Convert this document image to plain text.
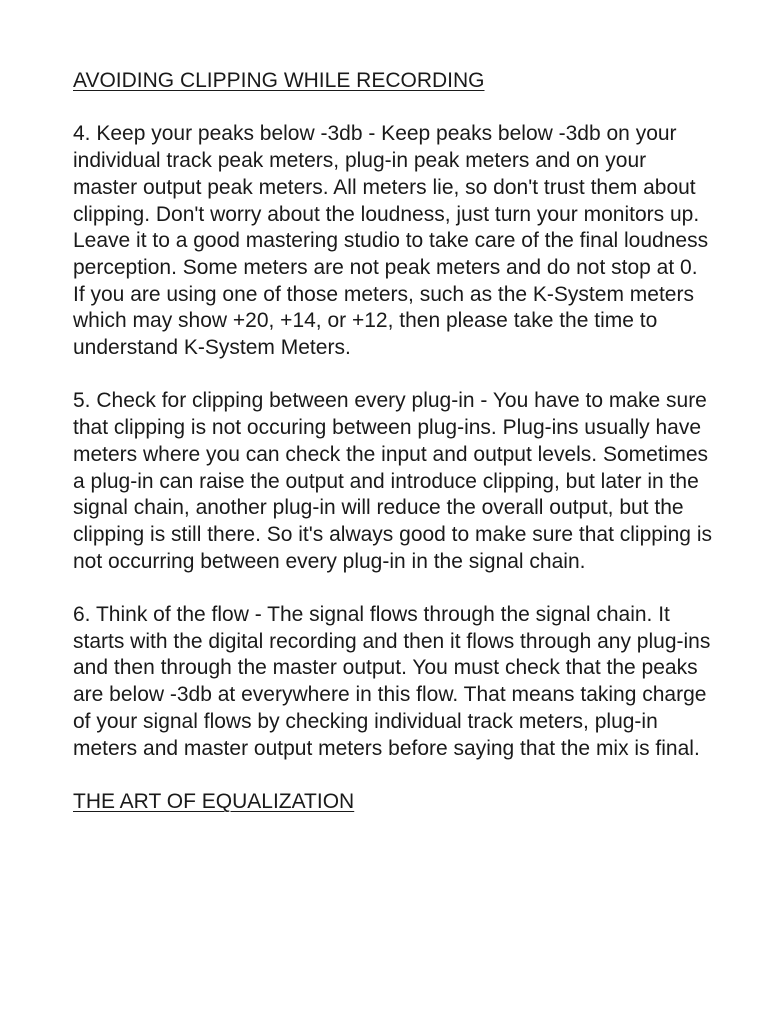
AVOIDING CLIPPING WHILE RECORDING

4. Keep your peaks below -3db - Keep peaks below -3db on your individual track peak meters, plug-in peak meters and on your master output peak meters. All meters lie, so don't trust them about clipping. Don't worry about the loudness, just turn your monitors up. Leave it to a good mastering studio to take care of the final loudness perception. Some meters are not peak meters and do not stop at 0. If you are using one of those meters, such as the K-System meters which may show +20, +14, or +12, then please take the time to understand K-System Meters.

5. Check for clipping between every plug-in - You have to make sure that clipping is not occuring between plug-ins. Plug-ins usually have meters where you can check the input and output levels. Sometimes a plug-in can raise the output and introduce clipping, but later in the signal chain, another plug-in will reduce the overall output, but the clipping is still there. So it's always good to make sure that clipping is not occurring between every plug-in in the signal chain.

6. Think of the flow - The signal flows through the signal chain. It starts with the digital recording and then it flows through any plug-ins and then through the master output. You must check that the peaks are below -3db at everywhere in this flow. That means taking charge of your signal flows by checking individual track meters, plug-in meters and master output meters before saying that the mix is final.

THE ART OF EQUALIZATION
